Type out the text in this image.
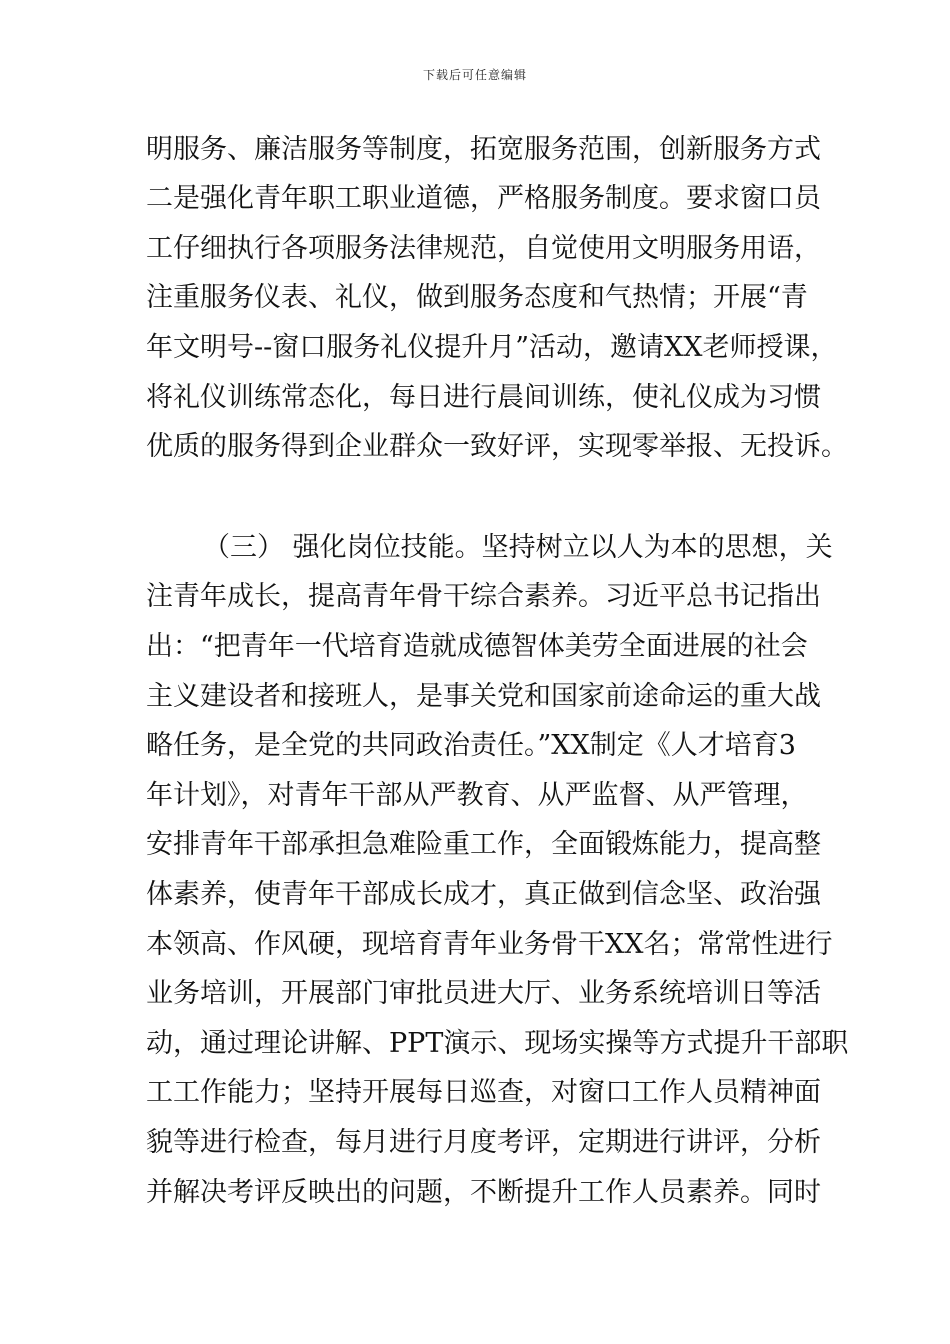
下载后可任意编辑
明服务、廉洁服务等制度，拓宽服务范围，创新服务方式
二是强化青年职工职业道德，严格服务制度。要求窗口员
工仔细执行各项服务法律规范，自觉使用文明服务用语，
注重服务仪表、礼仪，做到服务态度和气热情；开展“青
年文明号--窗口服务礼仪提升月”活动，邀请XX老师授课，
将礼仪训练常态化，每日进行晨间训练，使礼仪成为习惯
优质的服务得到企业群众一致好评，实现零举报、无投诉。
（三） 强化岗位技能。坚持树立以人为本的思想，关
注青年成长，提高青年骨干综合素养。习近平总书记指出
出：“把青年一代培育造就成德智体美劳全面进展的社会
主义建设者和接班人，是事关党和国家前途命运的重大战
略任务，是全党的共同政治责任。”XX制定《人才培育3
年计划》，对青年干部从严教育、从严监督、从严管理，
安排青年干部承担急难险重工作，全面锻炼能力，提高整
体素养，使青年干部成长成才，真正做到信念坚、政治强
本领高、作风硬，现培育青年业务骨干XX名；常常性进行
业务培训，开展部门审批员进大厅、业务系统培训日等活
动，通过理论讲解、PPT演示、现场实操等方式提升干部职
工工作能力；坚持开展每日巡查，对窗口工作人员精神面
貌等进行检查，每月进行月度考评，定期进行讲评，分析
并解决考评反映出的问题，不断提升工作人员素养。同时
